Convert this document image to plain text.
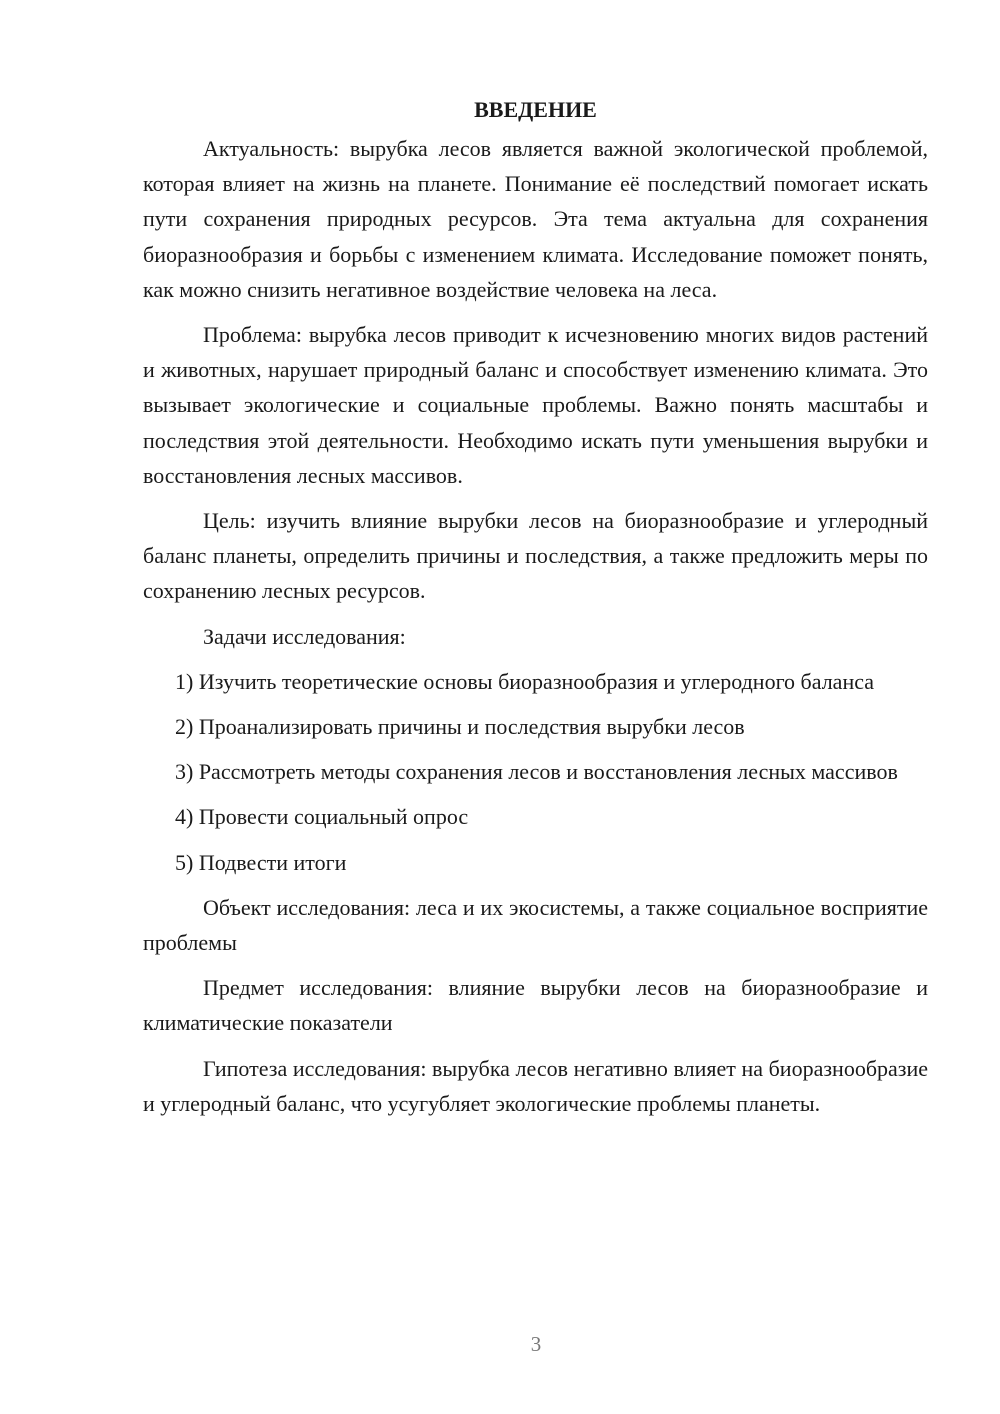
ВВЕДЕНИЕ

Актуальность: вырубка лесов является важной экологической проблемой, которая влияет на жизнь на планете. Понимание её последствий помогает искать пути сохранения природных ресурсов. Эта тема актуальна для сохранения биоразнообразия и борьбы с изменением климата. Исследование поможет понять, как можно снизить негативное воздействие человека на леса.

Проблема: вырубка лесов приводит к исчезновению многих видов растений и животных, нарушает природный баланс и способствует изменению климата. Это вызывает экологические и социальные проблемы. Важно понять масштабы и последствия этой деятельности. Необходимо искать пути уменьшения вырубки и восстановления лесных массивов.

Цель: изучить влияние вырубки лесов на биоразнообразие и углеродный баланс планеты, определить причины и последствия, а также предложить меры по сохранению лесных ресурсов.

Задачи исследования:

1) Изучить теоретические основы биоразнообразия и углеродного баланса

2) Проанализировать причины и последствия вырубки лесов

3) Рассмотреть методы сохранения лесов и восстановления лесных массивов

4) Провести социальный опрос

5) Подвести итоги

Объект исследования: леса и их экосистемы, а также социальное восприятие проблемы

Предмет исследования: влияние вырубки лесов на биоразнообразие и климатические показатели

Гипотеза исследования: вырубка лесов негативно влияет на биоразнообразие и углеродный баланс, что усугубляет экологические проблемы планеты.

3
